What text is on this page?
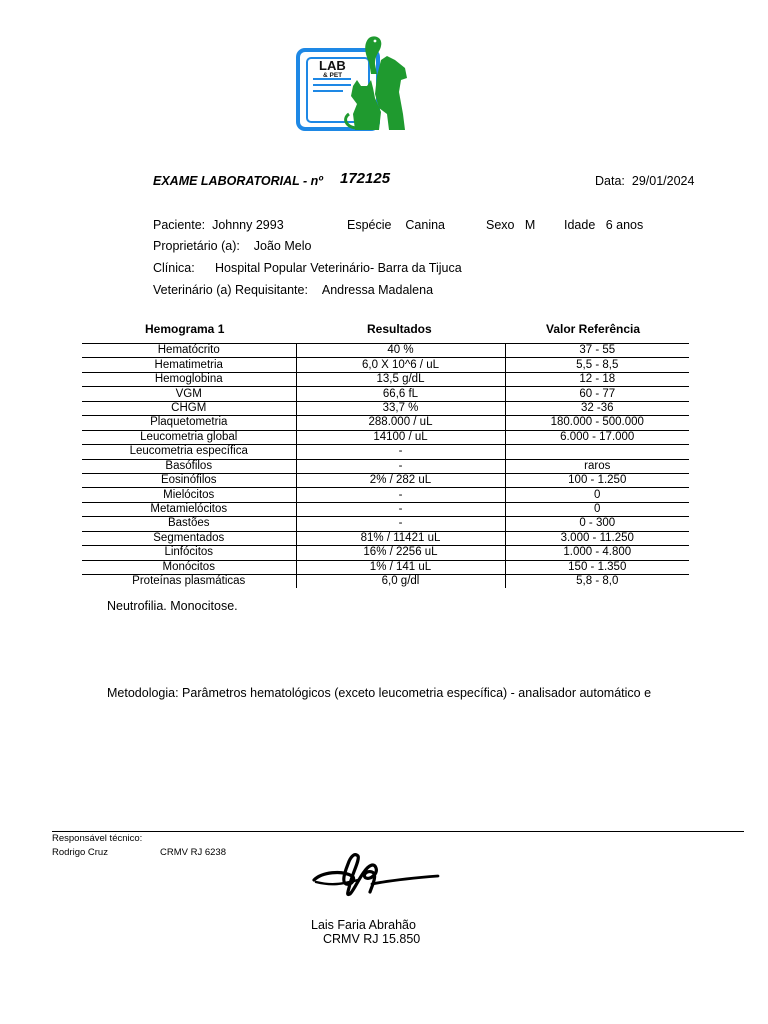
LAB
& PET
EXAME LABORATORIAL - nº 172125	Data: 29/01/2024
Paciente: Johnny 2993	Espécie Canina	Sexo M Idade 6 anos
Proprietário (a): João Melo
Clínica: Hospital Popular Veterinário- Barra da Tijuca
Veterinário (a) Requisitante: Andressa Madalena
Hemograma 1	Resultados	Valor Referência
Hematócrito	40 %	37 - 55
Hematimetria	6,0 X 10^6 / uL	5,5 - 8,5
Hemoglobina	13,5 g/dL	12 - 18
VGM	66,6 fL	60 - 77
CHGM	33,7 %	32 -36
Plaquetometria	288.000 / uL	180.000 - 500.000
Leucometria global	14100 / uL	6.000 - 17.000
Leucometria específica	-	
Basófilos	-	raros
Eosinófilos	2% / 282 uL	100 - 1.250
Mielócitos	-	0
Metamielócitos	-	0
Bastões	-	0 - 300
Segmentados	81% / 11421 uL	3.000 - 11.250
Linfócitos	16% / 2256 uL	1.000 - 4.800
Monócitos	1% / 141 uL	150 - 1.350
Proteínas plasmáticas	6,0 g/dl	5,8 - 8,0
Neutrofilia. Monocitose.
Metodologia: Parâmetros hematológicos (exceto leucometria específica) - analisador automático e
Responsável técnico:
Rodrigo Cruz	CRMV RJ 6238
Lais Faria Abrahão
CRMV RJ 15.850
